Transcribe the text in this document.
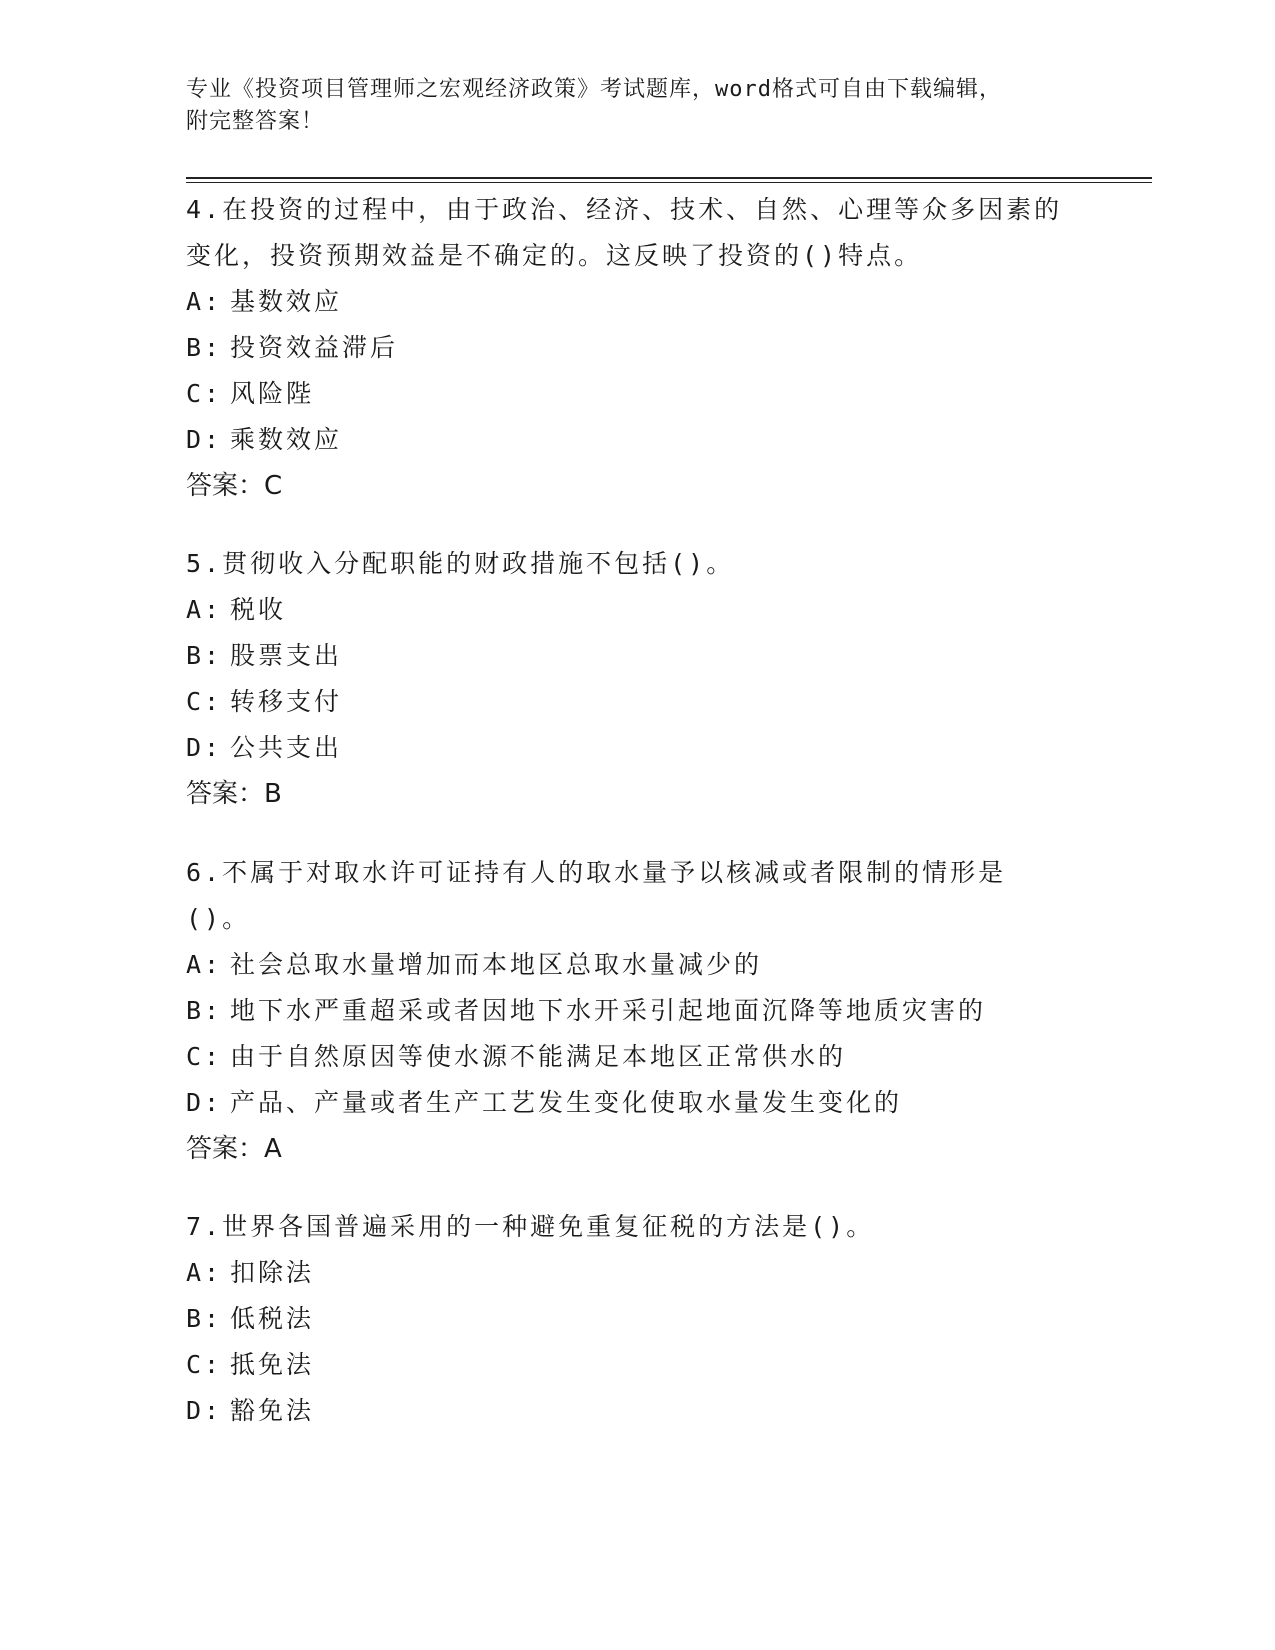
专业《投资项目管理师之宏观经济政策》考试题库，word格式可自由下载编辑，
附完整答案！

4.在投资的过程中，由于政治、经济、技术、自然、心理等众多因素的变化，投资预期效益是不确定的。这反映了投资的()特点。

A: 基数效应
B: 投资效益滞后
C: 风险陛
D: 乘数效应
答案：C

5.贯彻收入分配职能的财政措施不包括()。

A: 税收
B: 股票支出
C: 转移支付
D: 公共支出
答案：B

6.不属于对取水许可证持有人的取水量予以核减或者限制的情形是()。

A: 社会总取水量增加而本地区总取水量减少的
B: 地下水严重超采或者因地下水开采引起地面沉降等地质灾害的
C: 由于自然原因等使水源不能满足本地区正常供水的
D: 产品、产量或者生产工艺发生变化使取水量发生变化的
答案：A

7.世界各国普遍采用的一种避免重复征税的方法是()。

A: 扣除法
B: 低税法
C: 抵免法
D: 豁免法
